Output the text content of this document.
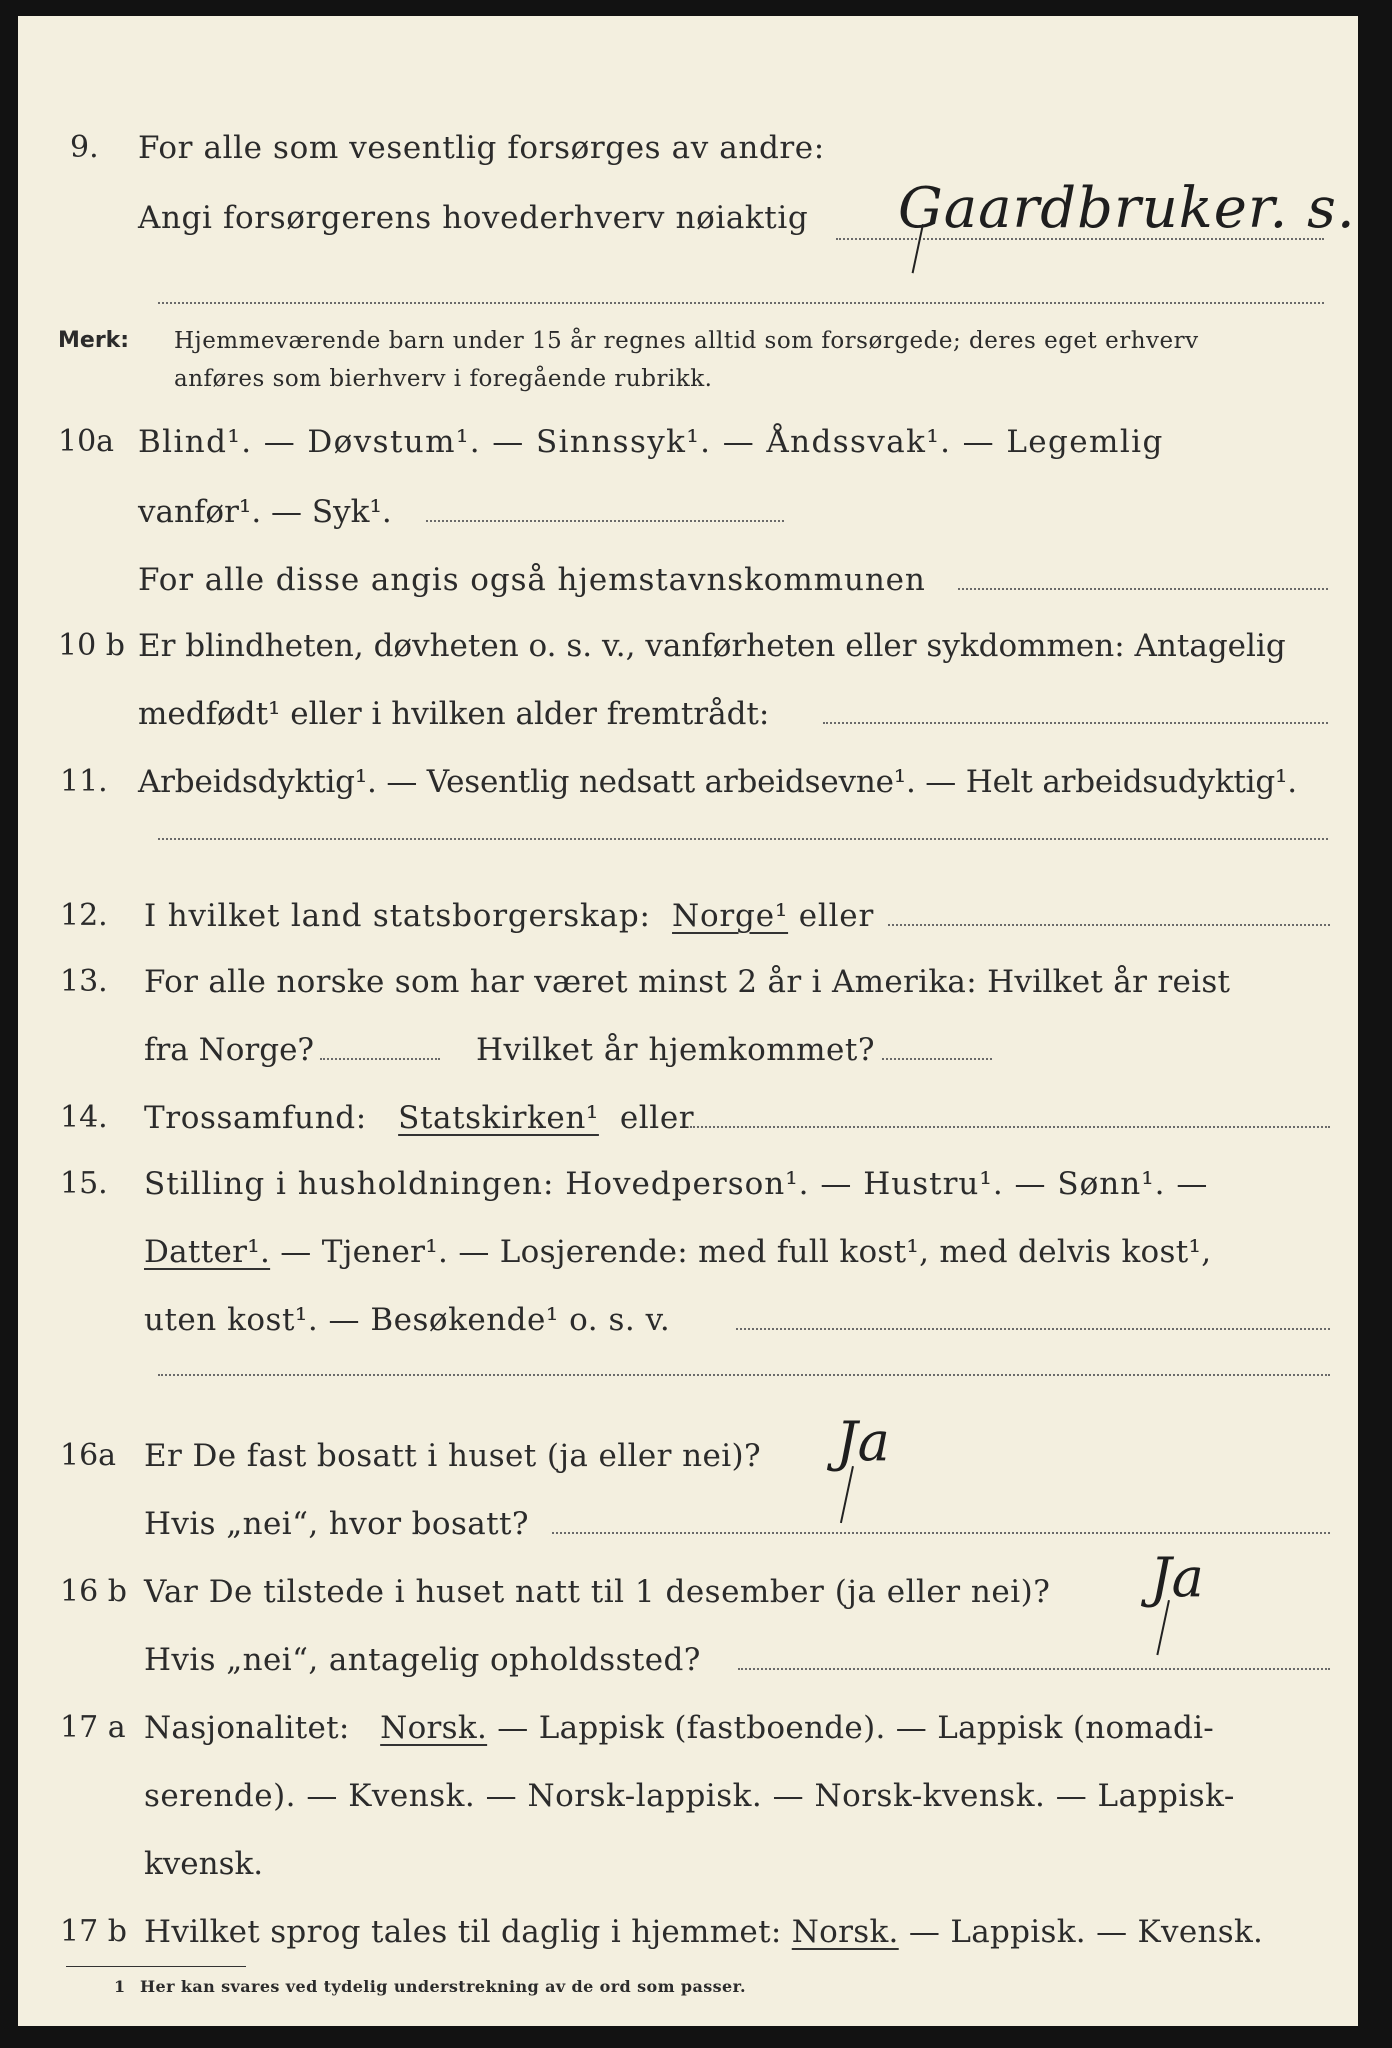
9. For alle som vesentlig forsørges av andre:
Angi forsørgerens hovederhverv nøiaktig Gaardbruker. s.
Merk: Hjemmeværende barn under 15 år regnes alltid som forsørgede; deres eget erhverv
anføres som bierhverv i foregående rubrikk.
10a Blind¹. — Døvstum¹. — Sinnssyk¹. — Åndssvak¹. — Legemlig
vanfør¹. — Syk¹.
For alle disse angis også hjemstavnskommunen
10 b Er blindheten, døvheten o. s. v., vanførheten eller sykdommen: Antagelig
medfødt¹ eller i hvilken alder fremtrådt:
11. Arbeidsdyktig¹. — Vesentlig nedsatt arbeidsevne¹. — Helt arbeidsudyktig¹.
12. I hvilket land statsborgerskap: Norge¹ eller
13. For alle norske som har været minst 2 år i Amerika: Hvilket år reist
fra Norge?	Hvilket år hjemkommet?
14. Trossamfund: Statskirken¹ eller
15. Stilling i husholdningen: Hovedperson¹. — Hustru¹. — Sønn¹. —
Datter¹. — Tjener¹. — Losjerende: med full kost¹, med delvis kost¹,
uten kost¹. — Besøkende¹ o. s. v.
16a Er De fast bosatt i huset (ja eller nei)? Ja
Hvis „nei“, hvor bosatt?
16 b Var De tilstede i huset natt til 1 desember (ja eller nei)? Ja
Hvis „nei“, antagelig opholdssted?
17 a Nasjonalitet: Norsk. — Lappisk (fastboende). — Lappisk (nomadi-
serende). — Kvensk. — Norsk-lappisk. — Norsk-kvensk. — Lappisk-
kvensk.
17 b Hvilket sprog tales til daglig i hjemmet: Norsk. — Lappisk. — Kvensk.
1 Her kan svares ved tydelig understrekning av de ord som passer.
